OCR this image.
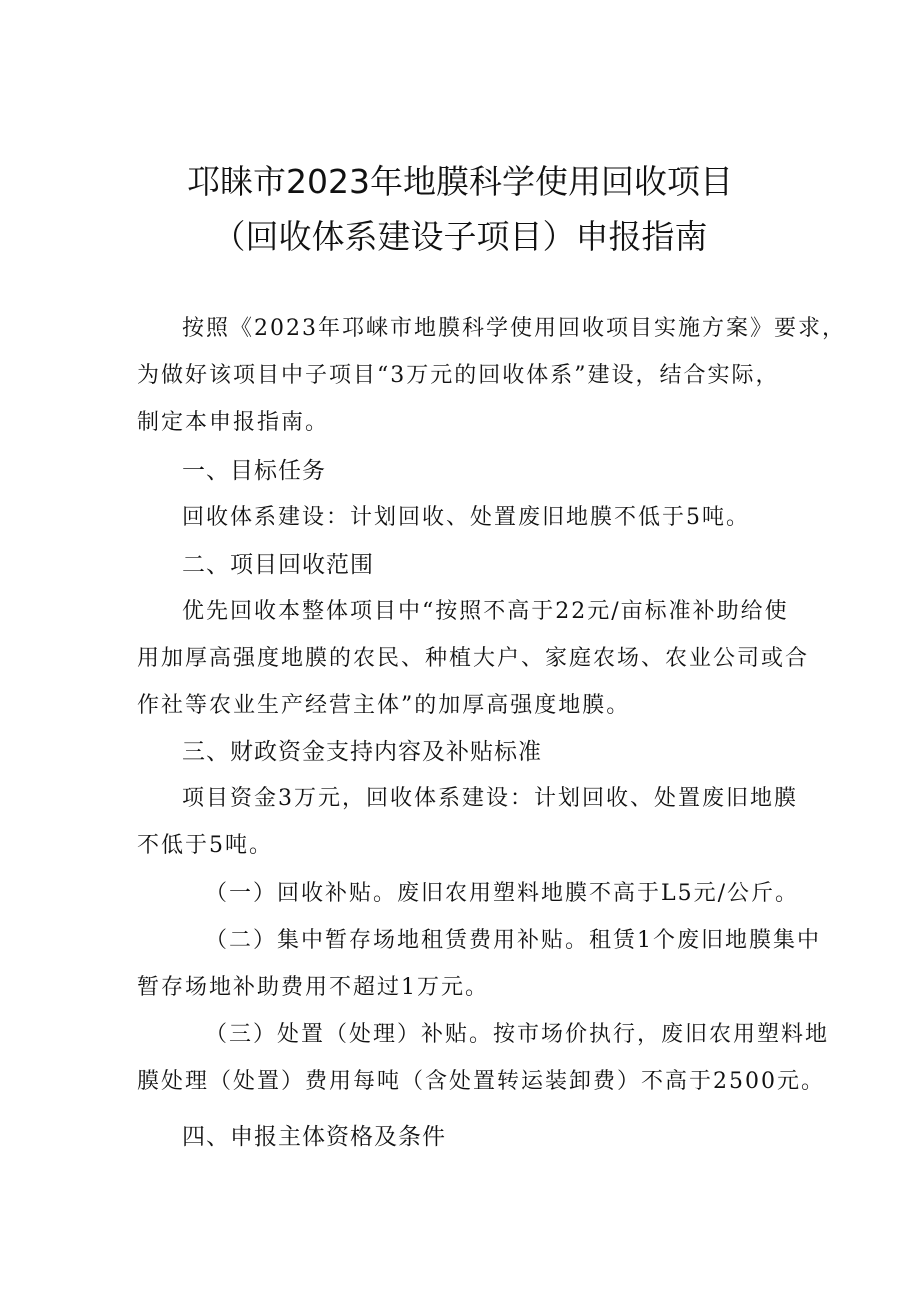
邛睐市2023年地膜科学使用回收项目
（回收体系建设子项目）申报指南
按照《2023年邛崃市地膜科学使用回收项目实施方案》要求，
为做好该项目中子项目“3万元的回收体系”建设，结合实际，
制定本申报指南。
一、目标任务
回收体系建设：计划回收、处置废旧地膜不低于5吨。
二、项目回收范围
优先回收本整体项目中“按照不高于22元/亩标准补助给使
用加厚高强度地膜的农民、种植大户、家庭农场、农业公司或合
作社等农业生产经营主体”的加厚高强度地膜。
三、财政资金支持内容及补贴标准
项目资金3万元，回收体系建设：计划回收、处置废旧地膜
不低于5吨。
（一）回收补贴。废旧农用塑料地膜不高于L5元/公斤。
（二）集中暂存场地租赁费用补贴。租赁1个废旧地膜集中
暂存场地补助费用不超过1万元。
（三）处置（处理）补贴。按市场价执行，废旧农用塑料地
膜处理（处置）费用每吨（含处置转运装卸费）不高于2500元。
四、申报主体资格及条件
